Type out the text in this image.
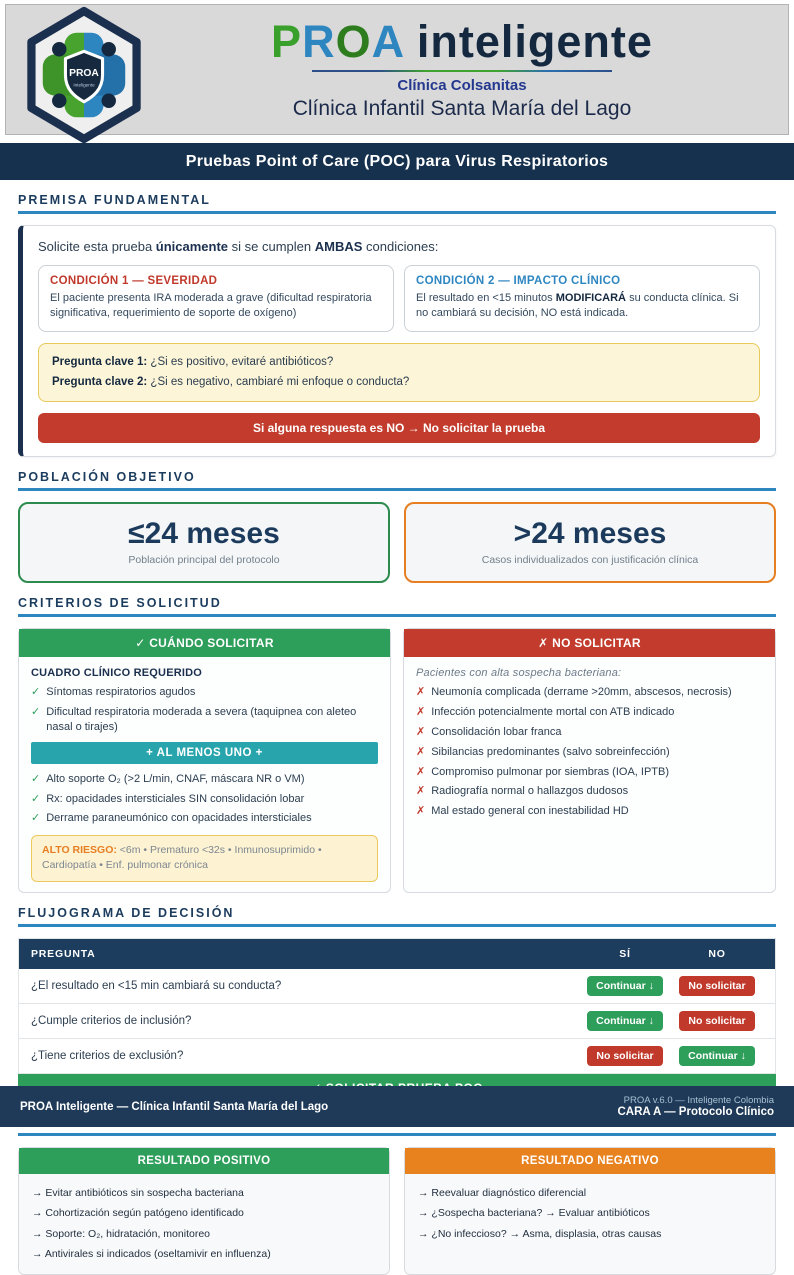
PROA
Inteligente
PROA inteligente
Clínica Colsanitas
Clínica Infantil Santa María del Lago
Pruebas Point of Care (POC) para Virus Respiratorios
PREMISA FUNDAMENTAL
Solicite esta prueba únicamente si se cumplen AMBAS condiciones:
CONDICIÓN 1 — SEVERIDAD
El paciente presenta IRA moderada a grave (dificultad respiratoria significativa, requerimiento de soporte de oxígeno)
CONDICIÓN 2 — IMPACTO CLÍNICO
El resultado en <15 minutos MODIFICARÁ su conducta clínica. Si no cambiará su decisión, NO está indicada.
Pregunta clave 1: ¿Si es positivo, evitaré antibióticos?
Pregunta clave 2: ¿Si es negativo, cambiaré mi enfoque o conducta?
Si alguna respuesta es NO → No solicitar la prueba
POBLACIÓN OBJETIVO
≤24 meses
Población principal del protocolo
>24 meses
Casos individualizados con justificación clínica
CRITERIOS DE SOLICITUD
✓ CUÁNDO SOLICITAR
CUADRO CLÍNICO REQUERIDO
✓ Síntomas respiratorios agudos
✓ Dificultad respiratoria moderada a severa (taquipnea con aleteo nasal o tirajes)
+ AL MENOS UNO +
✓ Alto soporte O₂ (>2 L/min, CNAF, máscara NR o VM)
✓ Rx: opacidades intersticiales SIN consolidación lobar
✓ Derrame paraneumónico con opacidades intersticiales
ALTO RIESGO: <6m • Prematuro <32s • Inmunosuprimido • Cardiopatía • Enf. pulmonar crónica
✗ NO SOLICITAR
Pacientes con alta sospecha bacteriana:
✗ Neumonía complicada (derrame >20mm, abscesos, necrosis)
✗ Infección potencialmente mortal con ATB indicado
✗ Consolidación lobar franca
✗ Sibilancias predominantes (salvo sobreinfección)
✗ Compromiso pulmonar por siembras (IOA, IPTB)
✗ Radiografía normal o hallazgos dudosos
✗ Mal estado general con inestabilidad HD
FLUJOGRAMA DE DECISIÓN
PREGUNTA	SÍ	NO
¿El resultado en <15 min cambiará su conducta?	Continuar ↓	No solicitar
¿Cumple criterios de inclusión?	Continuar ↓	No solicitar
¿Tiene criterios de exclusión?	No solicitar	Continuar ↓
RESULTADO POSITIVO
→ Evitar antibióticos sin sospecha bacteriana
→ Cohortización según patógeno identificado
→ Soporte: O₂, hidratación, monitoreo
→ Antivirales si indicados (oseltamivir en influenza)
RESULTADO NEGATIVO
→ Reevaluar diagnóstico diferencial
→ ¿Sospecha bacteriana? → Evaluar antibióticos
→ ¿No infeccioso? → Asma, displasia, otras causas
PROA Inteligente — Clínica Infantil Santa María del Lago	PROA v.6.0 — Inteligente Colombia
CARA A — Protocolo Clínico
